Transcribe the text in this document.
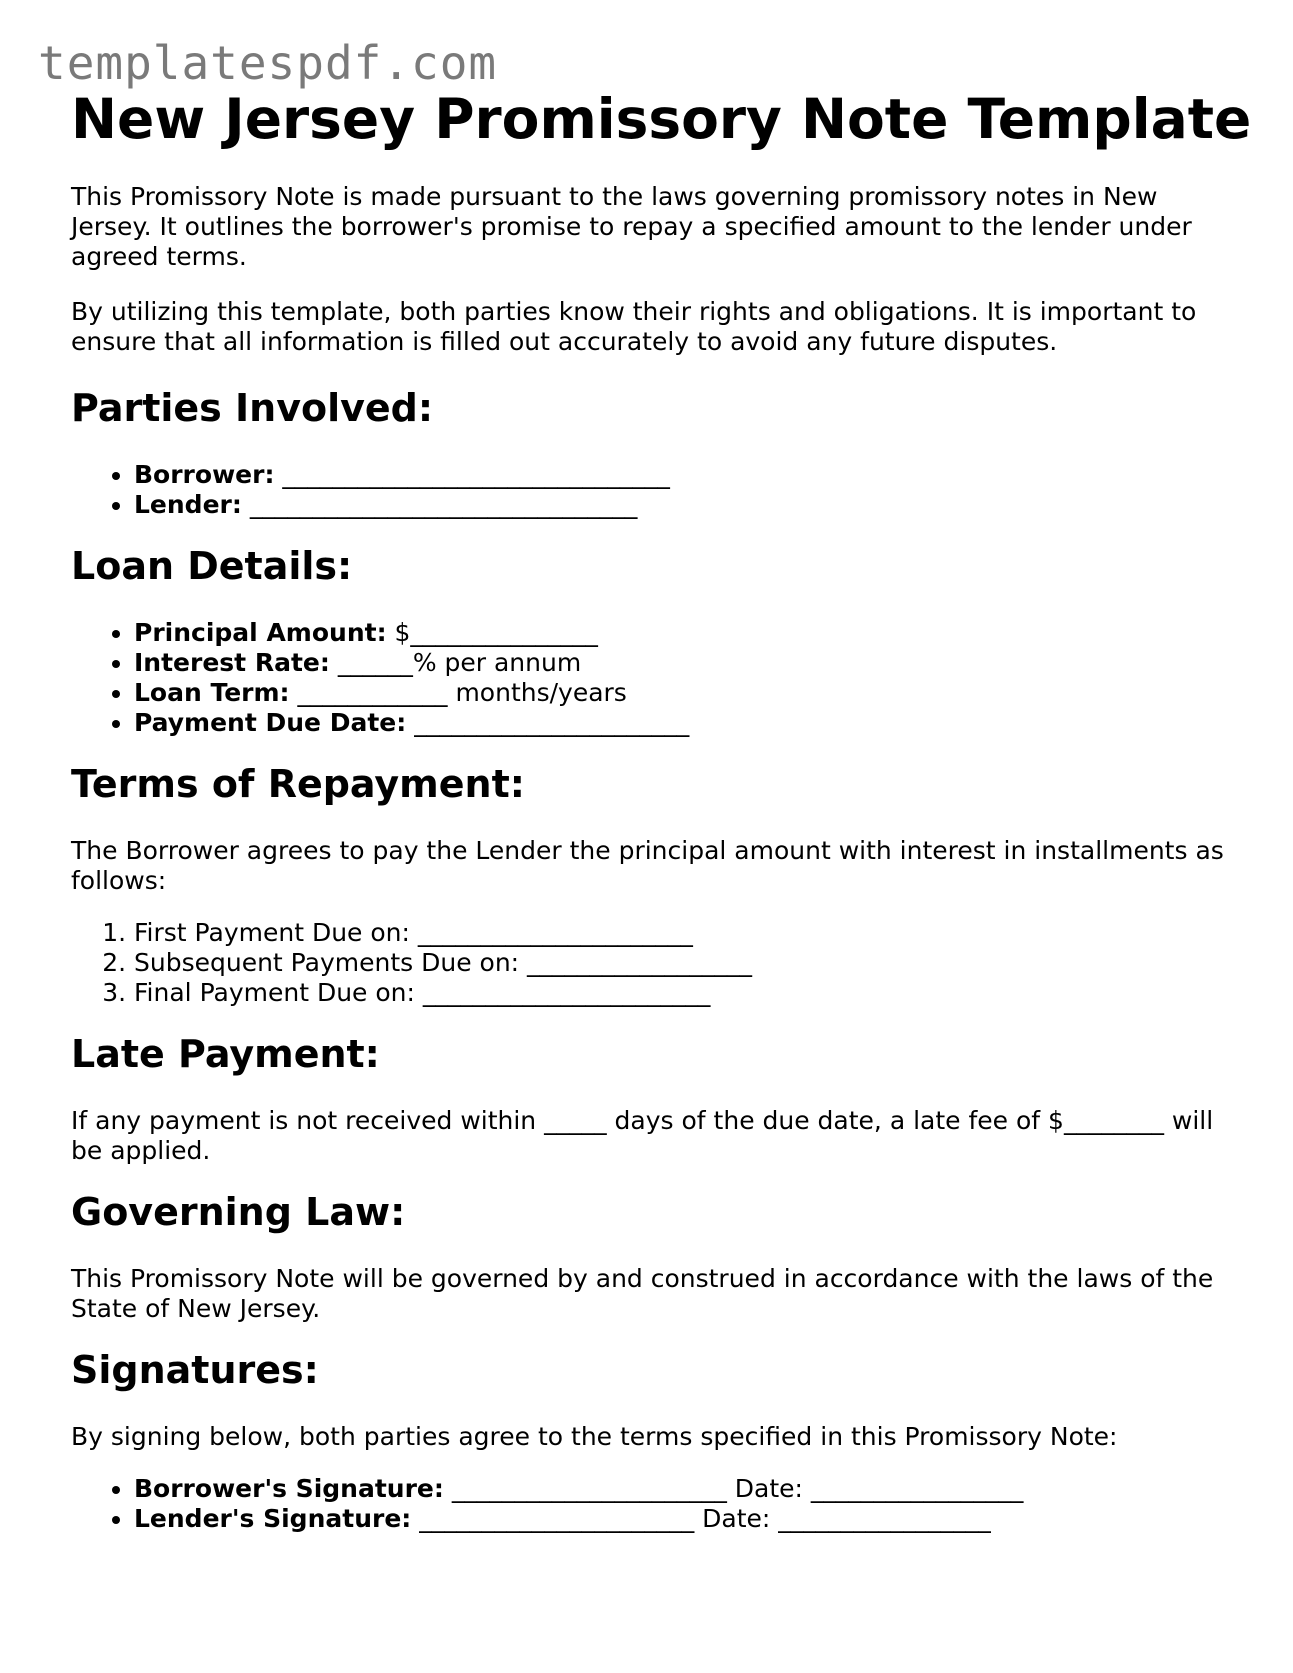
templatespdf.com
New Jersey Promissory Note Template

This Promissory Note is made pursuant to the laws governing promissory notes in New Jersey. It outlines the borrower's promise to repay a specified amount to the lender under agreed terms.

By utilizing this template, both parties know their rights and obligations. It is important to ensure that all information is filled out accurately to avoid any future disputes.

Parties Involved:
• Borrower: _______________________________
• Lender: _______________________________
Loan Details:
• Principal Amount: $_______________
• Interest Rate: ______% per annum
• Loan Term: ____________ months/years
• Payment Due Date: ______________________
Terms of Repayment:

The Borrower agrees to pay the Lender the principal amount with interest in installments as follows:

1. First Payment Due on: ______________________
2. Subsequent Payments Due on: __________________
3. Final Payment Due on: _______________________
Late Payment:

If any payment is not received within _____ days of the due date, a late fee of $________ will be applied.

Governing Law:

This Promissory Note will be governed by and construed in accordance with the laws of the State of New Jersey.

Signatures:

By signing below, both parties agree to the terms specified in this Promissory Note:

• Borrower's Signature: ______________________ Date: _________________
• Lender's Signature: ______________________ Date: _________________
